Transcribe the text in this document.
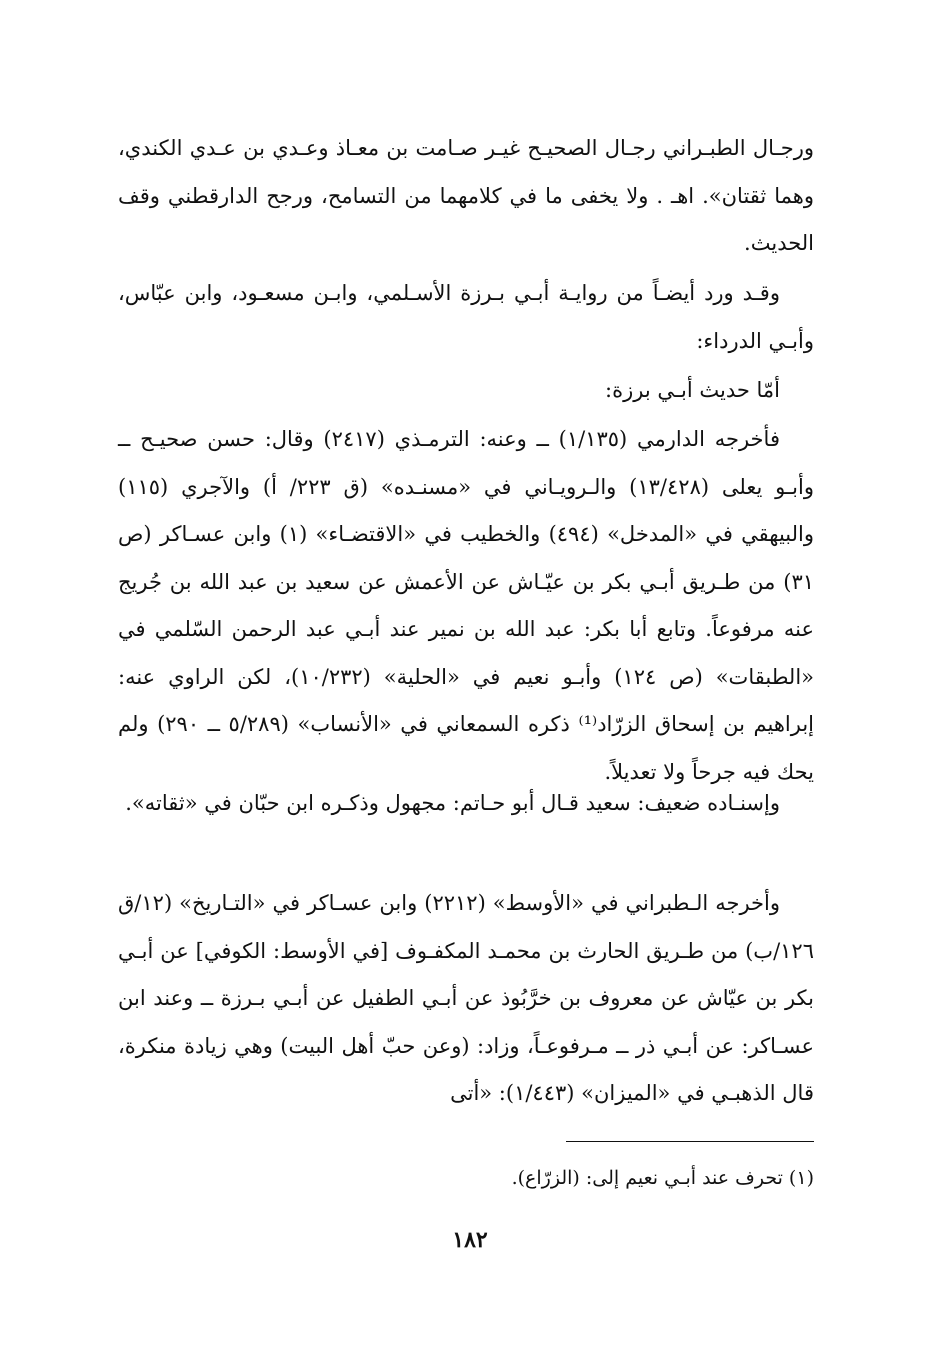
ورجـال الطبـراني رجـال الصحيـح غيـر صـامت بن معـاذ وعـدي بن عـدي الكندي، وهما ثقتان». اهـ . ولا يخفى ما في كلامهما من التسامح، ورجح الدارقطني وقف الحديث.

وقـد ورد أيضـاً من روايـة أبـي بـرزة الأسـلمي، وابـن مسعـود، وابن عبّاس، وأبـي الدرداء:

أمّا حديث أبـي برزة:

فأخرجه الدارمي (١/١٣٥) ــ وعنه: الترمـذي (٢٤١٧) وقال: حسن صحيـح ــ وأبـو يعلى (١٣/٤٢٨) والـرويـاني في «مسنـده» (ق ٢٢٣/ أ) والآجري (١١٥) والبيهقي في «المدخل» (٤٩٤) والخطيب في «الاقتضـاء» (١) وابن عسـاكر (ص ٣١) من طـريق أبـي بكر بن عيّـاش عن الأعمش عن سعيد بن عبد الله بن جُريج عنه مرفوعاً. وتابع أبا بكر: عبد الله بن نمير عند أبـي عبد الرحمن السّلمي في «الطبقات» (ص ١٢٤) وأبـو نعيم في «الحلية» (١٠/٢٣٢)، لكن الراوي عنه: إبراهيم بن إسحاق الزرّاد⁽¹⁾ ذكره السمعاني في «الأنساب» (٥/٢٨٩ ــ ٢٩٠) ولم يحك فيه جرحاً ولا تعديلاً.

وإسنـاده ضعيف: سعيد قـال أبو حـاتم: مجهول وذكـره ابن حبّان في «ثقاته».

وأخرجه الـطبراني في «الأوسط» (٢٢١٢) وابن عسـاكر في «التـاريخ» (١٢/ق ١٢٦/ب) من طـريق الحارث بن محمـد المكفـوف [في الأوسط: الكوفي] عن أبـي بكر بن عيّاش عن معروف بن خرَّبُوذ عن أبـي الطفيل عن أبـي بـرزة ــ وعند ابن عسـاكر: عن أبـي ذر ــ مـرفوعـاً، وزاد: (وعن حبّ أهل البيت) وهي زيادة منكرة، قال الذهبـي في «الميزان» (١/٤٤٣): «أتى

(١) تحرف عند أبـي نعيم إلى: (الزرّاع).
١٨٢
